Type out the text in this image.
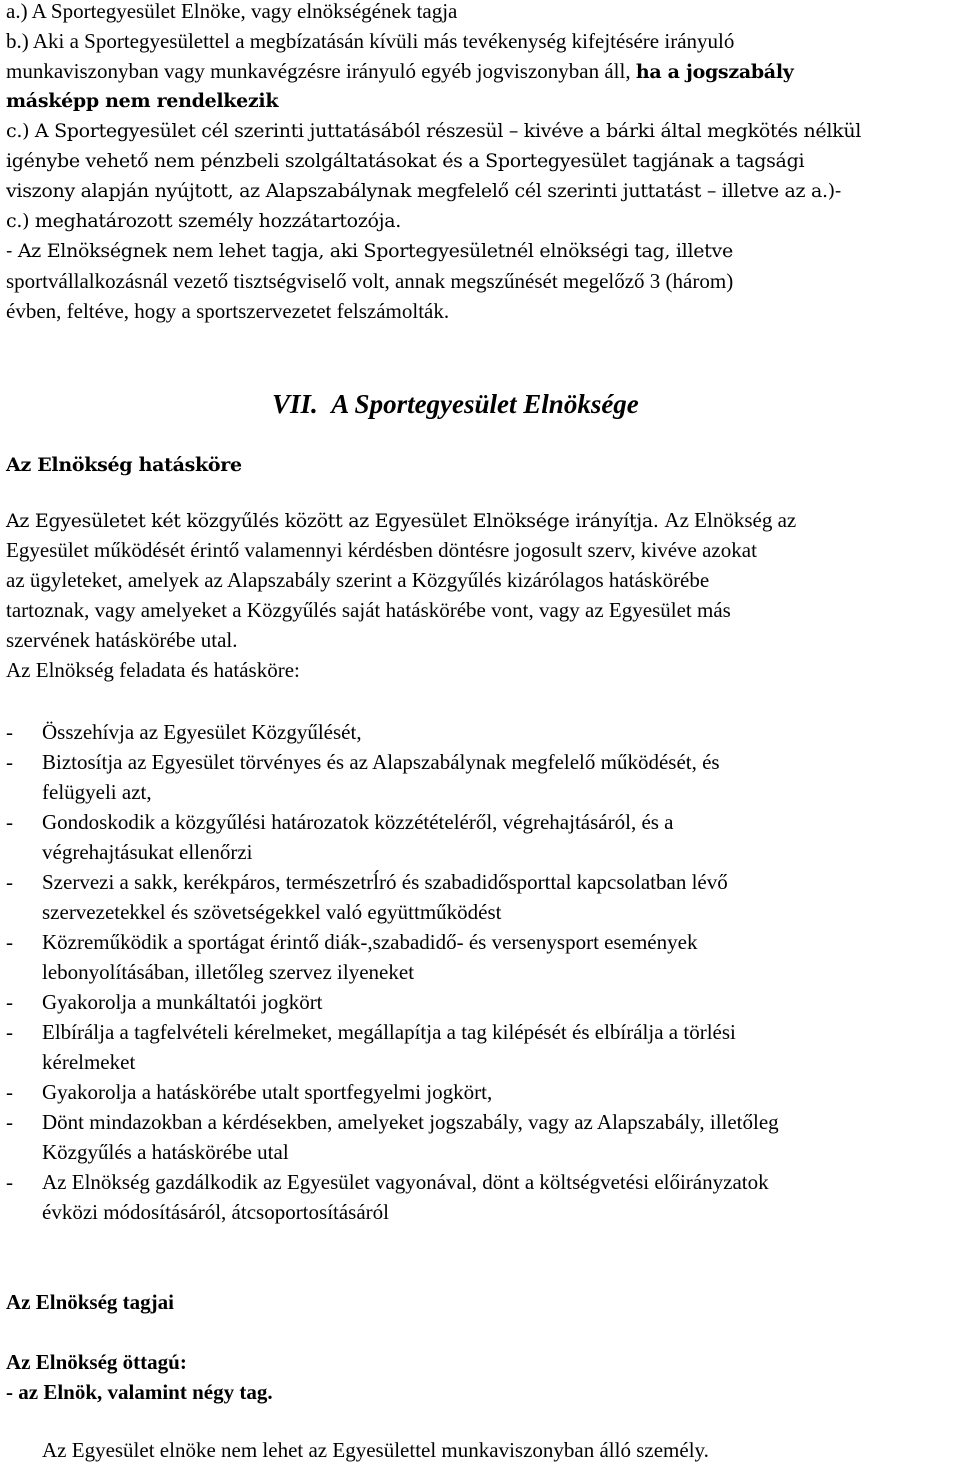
a.) A Sportegyesület Elnöke, vagy elnökségének tagja
b.) Aki a Sportegyesülettel a megbízatásán kívüli más tevékenység kifejtésére irányuló
munkaviszonyban vagy munkavégzésre irányuló egyéb jogviszonyban áll, ha a jogszabály
másképp nem rendelkezik
c.) A Sportegyesület cél szerinti juttatásából részesül – kivéve a bárki által megkötés nélkül
igénybe vehető nem pénzbeli szolgáltatásokat és a Sportegyesület tagjának a tagsági
viszony alapján nyújtott, az Alapszabálynak megfelelő cél szerinti juttatást – illetve az a.)-
c.) meghatározott személy hozzátartozója.
- Az Elnökségnek nem lehet tagja, aki Sportegyesületnél elnökségi tag, illetve
sportvállalkozásnál vezető tisztségviselő volt, annak megszűnését megelőző 3 (három)
évben, feltéve, hogy a sportszervezetet felszámolták.
VII. A Sportegyesület Elnöksége
Az Elnökség hatásköre
Az Egyesületet két közgyűlés között az Egyesület Elnöksége irányítja. Az Elnökség az
Egyesület működését érintő valamennyi kérdésben döntésre jogosult szerv, kivéve azokat
az ügyleteket, amelyek az Alapszabály szerint a Közgyűlés kizárólagos hatáskörébe
tartoznak, vagy amelyeket a Közgyűlés saját hatáskörébe vont, vagy az Egyesület más
szervének hatáskörébe utal.
Az Elnökség feladata és hatásköre:
-
-
-
-
-
-
-
-
-
-
Összehívja az Egyesület Közgyűlését,
Biztosítja az Egyesület törvényes és az Alapszabálynak megfelelő működését, és
felügyeli azt,
Gondoskodik a közgyűlési határozatok közzétételéről, végrehajtásáról, és a
végrehajtásukat ellenőrzi
Szervezi a sakk, kerékpáros, természetrĺró és szabadidősporttal kapcsolatban lévő
szervezetekkel és szövetségekkel való együttműködést
Közreműködik a sportágat érintő diák-,szabadidő- és versenysport események
lebonyolításában, illetőleg szervez ilyeneket
Gyakorolja a munkáltatói jogkört
Elbírálja a tagfelvételi kérelmeket, megállapítja a tag kilépését és elbírálja a törlési
kérelmeket
Gyakorolja a hatáskörébe utalt sportfegyelmi jogkört,
Dönt mindazokban a kérdésekben, amelyeket jogszabály, vagy az Alapszabály, illetőleg
Közgyűlés a hatáskörébe utal
Az Elnökség gazdálkodik az Egyesület vagyonával, dönt a költségvetési előirányzatok
évközi módosításáról, átcsoportosításáról
Az Elnökség tagjai
Az Elnökség öttagú:
- az Elnök, valamint négy tag.
Az Egyesület elnöke nem lehet az Egyesülettel munkaviszonyban álló személy.
